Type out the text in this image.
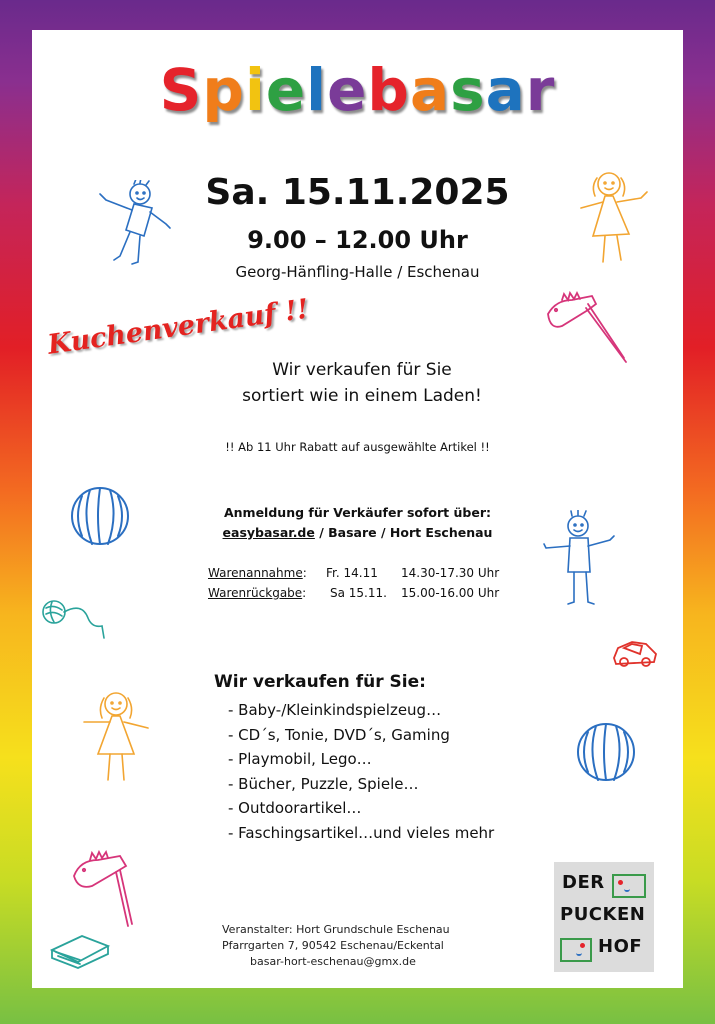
Spielebasar
Sa. 15.11.2025
9.00 – 12.00 Uhr
Georg-Hänfling-Halle / Eschenau
Kuchenverkauf !!
Wir verkaufen für Sie
sortiert wie in einem Laden!
!! Ab 11 Uhr Rabatt auf ausgewählte Artikel !!
Anmeldung für Verkäufer sofort über:
easybasar.de / Basare / Hort Eschenau
Warenannahme: Fr. 14.11 14.30-17.30 Uhr
Warenrückgabe: Sa 15.11. 15.00-16.00 Uhr
Wir verkaufen für Sie:
- Baby-/Kleinkindspielzeug…
- CD´s, Tonie, DVD´s, Gaming
- Playmobil, Lego…
- Bücher, Puzzle, Spiele…
- Outdoorartikel…
- Faschingsartikel…und vieles mehr
Veranstalter: Hort Grundschule Eschenau
Pfarrgarten 7, 90542 Eschenau/Eckental
basar-hort-eschenau@gmx.de
DER
PUCKEN
HOF
